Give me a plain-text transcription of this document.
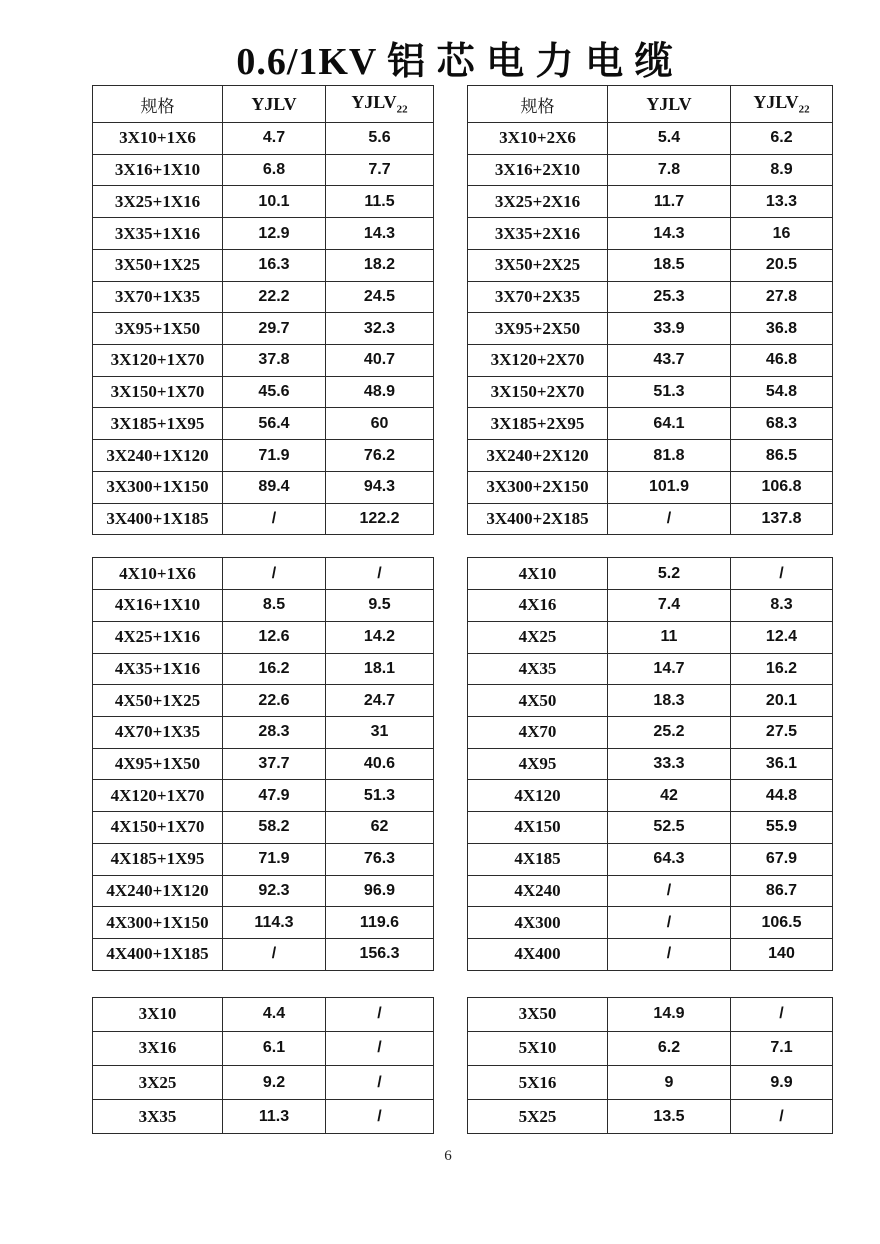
0.6/1KV 铝 芯 电 力 电 缆
规格	YJLV	$YJLV_{22}$
3X10+1X6	4.7	5.6
3X16+1X10	6.8	7.7
3X25+1X16	10.1	11.5
3X35+1X16	12.9	14.3
3X50+1X25	16.3	18.2
3X70+1X35	22.2	24.5
3X95+1X50	29.7	32.3
3X120+1X70	37.8	40.7
3X150+1X70	45.6	48.9
3X185+1X95	56.4	60
3X240+1X120	71.9	76.2
3X300+1X150	89.4	94.3
3X400+1X185	/	122.2
4X10+1X6	/	/
4X16+1X10	8.5	9.5
4X25+1X16	12.6	14.2
4X35+1X16	16.2	18.1
4X50+1X25	22.6	24.7
4X70+1X35	28.3	31
4X95+1X50	37.7	40.6
4X120+1X70	47.9	51.3
4X150+1X70	58.2	62
4X185+1X95	71.9	76.3
4X240+1X120	92.3	96.9
4X300+1X150	114.3	119.6
4X400+1X185	/	156.3
3X10	4.4	/
3X16	6.1	/
3X25	9.2	/
3X35	11.3	/
规格	YJLV	$YJLV_{22}$
3X10+2X6	5.4	6.2
3X16+2X10	7.8	8.9
3X25+2X16	11.7	13.3
3X35+2X16	14.3	16
3X50+2X25	18.5	20.5
3X70+2X35	25.3	27.8
3X95+2X50	33.9	36.8
3X120+2X70	43.7	46.8
3X150+2X70	51.3	54.8
3X185+2X95	64.1	68.3
3X240+2X120	81.8	86.5
3X300+2X150	101.9	106.8
3X400+2X185	/	137.8
4X10	5.2	/
4X16	7.4	8.3
4X25	11	12.4
4X35	14.7	16.2
4X50	18.3	20.1
4X70	25.2	27.5
4X95	33.3	36.1
4X120	42	44.8
4X150	52.5	55.9
4X185	64.3	67.9
4X240	/	86.7
4X300	/	106.5
4X400	/	140
3X50	14.9	/
5X10	6.2	7.1
5X16	9	9.9
5X25	13.5	/
6
